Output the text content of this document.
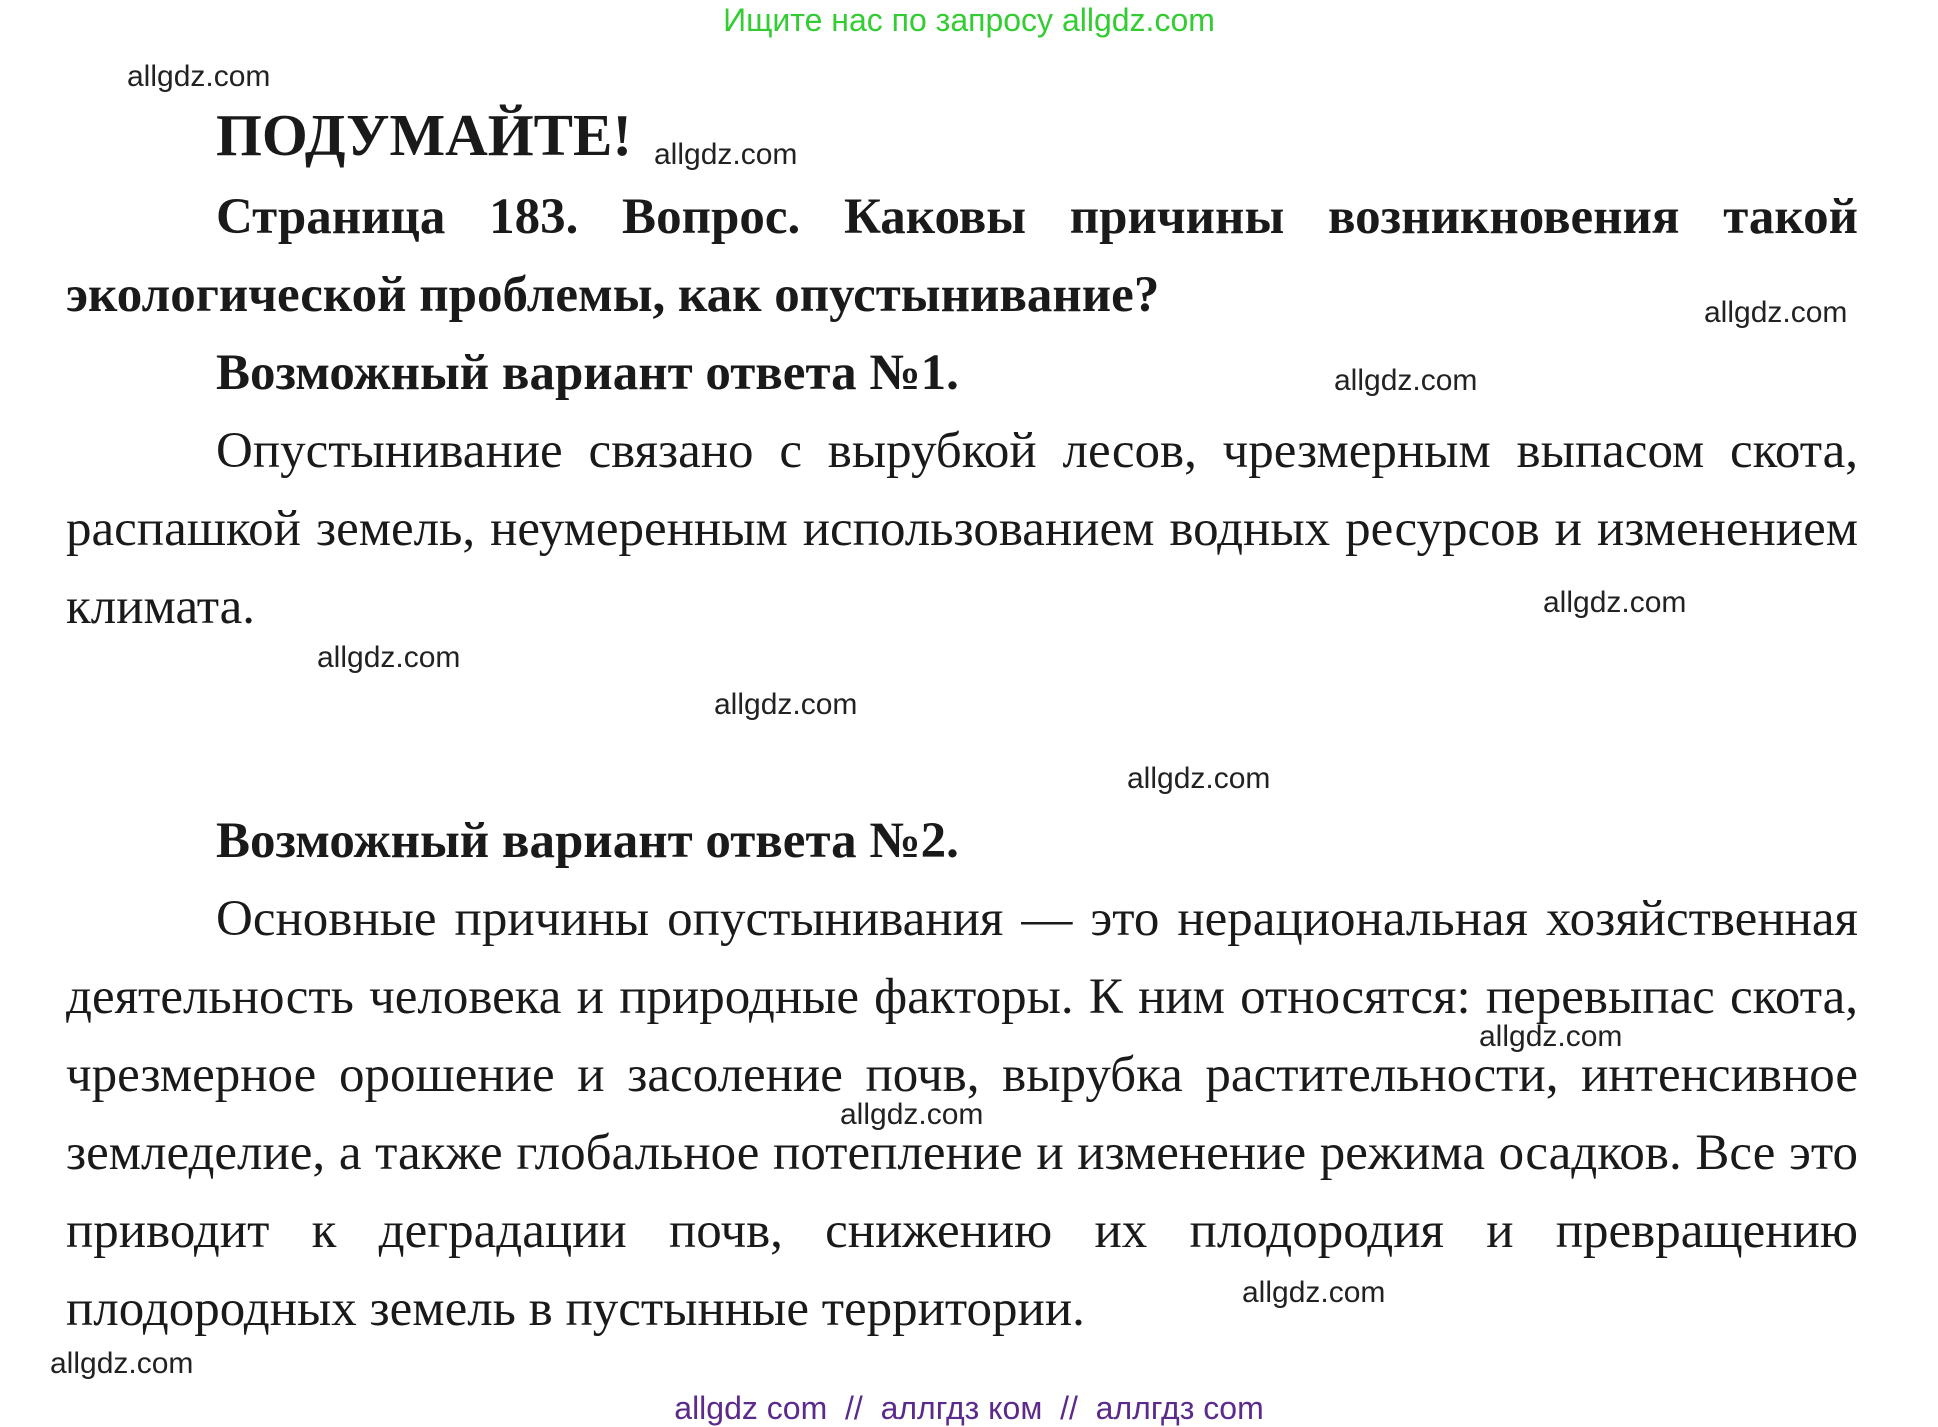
Ищите нас по запросу allgdz.com

ПОДУМАЙТЕ!

Страница 183. Вопрос. Каковы причины возникновения такой экологической проблемы, как опустынивание?

Возможный вариант ответа №1.

Опустынивание связано с вырубкой лесов, чрезмерным выпасом скота, распашкой земель, неумеренным использованием водных ресурсов и изменением климата.

Возможный вариант ответа №2.

Основные причины опустынивания — это нерациональная хозяйственная деятельность человека и природные факторы. К ним относятся: перевыпас скота, чрезмерное орошение и засоление почв, вырубка растительности, интенсивное земледелие, а также глобальное потепление и изменение режима осадков. Все это приводит к деградации почв, снижению их плодородия и превращению плодородных земель в пустынные территории.

allgdz.com
allgdz.com
allgdz.com
allgdz.com
allgdz.com
allgdz.com
allgdz.com
allgdz.com
allgdz.com
allgdz.com
allgdz.com
allgdz.com
allgdz com  //  аллгдз ком  //  аллгдз com
